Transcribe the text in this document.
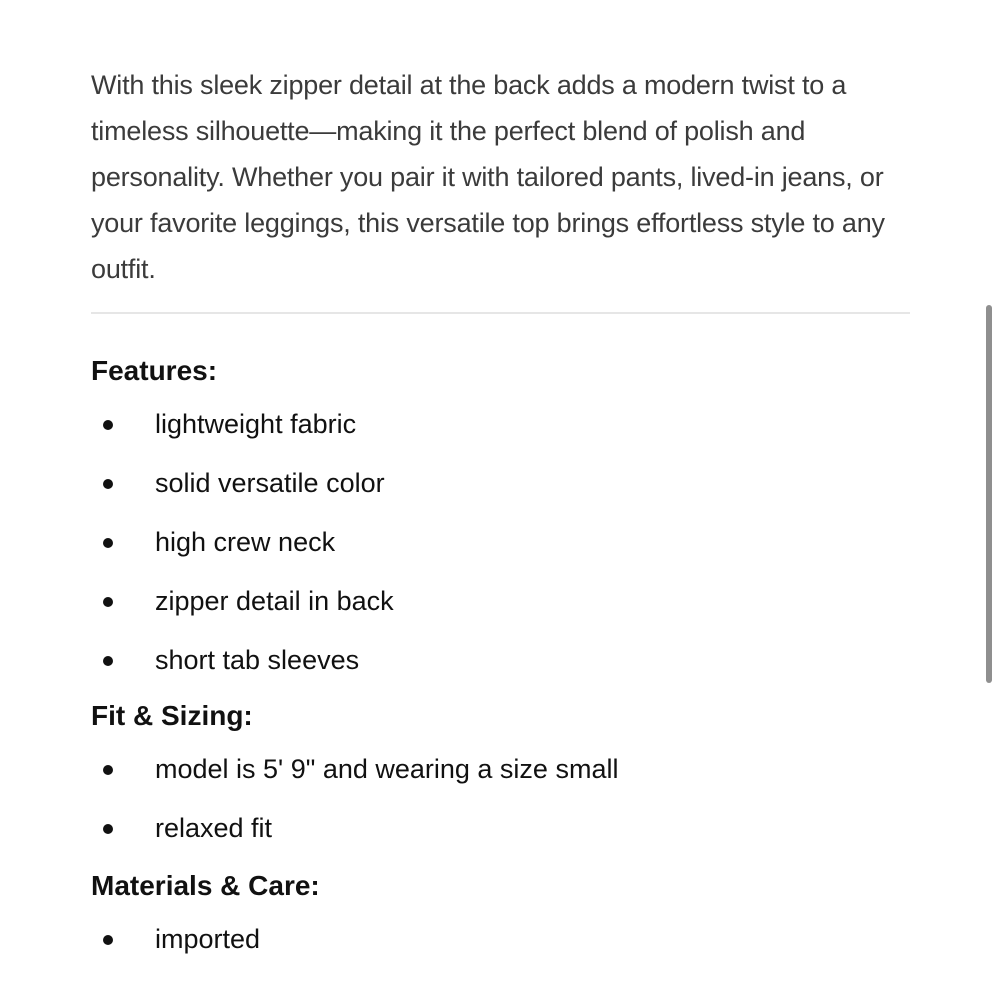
With this sleek zipper detail at the back adds a modern twist to a timeless silhouette—making it the perfect blend of polish and personality. Whether you pair it with tailored pants, lived-in jeans, or your favorite leggings, this versatile top brings effortless style to any outfit.

Features:
lightweight fabric
solid versatile color
high crew neck
zipper detail in back
short tab sleeves
Fit & Sizing:
model is 5' 9" and wearing a size small
relaxed fit
Materials & Care:
imported
